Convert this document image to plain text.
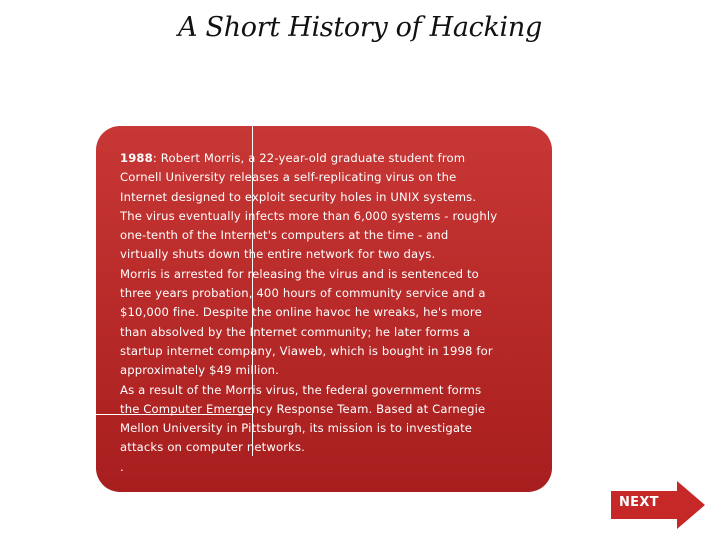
A Short History of Hacking
1988: Robert Morris, a 22-year-old graduate student from
Cornell University releases a self-replicating virus on the
Internet designed to exploit security holes in UNIX systems.
The virus eventually infects more than 6,000 systems - roughly
one-tenth of the Internet's computers at the time - and
virtually shuts down the entire network for two days.
Morris is arrested for releasing the virus and is sentenced to
three years probation, 400 hours of community service and a
$10,000 fine. Despite the online havoc he wreaks, he's more
than absolved by the Internet community; he later forms a
startup internet company, Viaweb, which is bought in 1998 for
approximately $49 million.
As a result of the Morris virus, the federal government forms
the Computer Emergency Response Team. Based at Carnegie
Mellon University in Pittsburgh, its mission is to investigate
attacks on computer networks.
.
NEXT
